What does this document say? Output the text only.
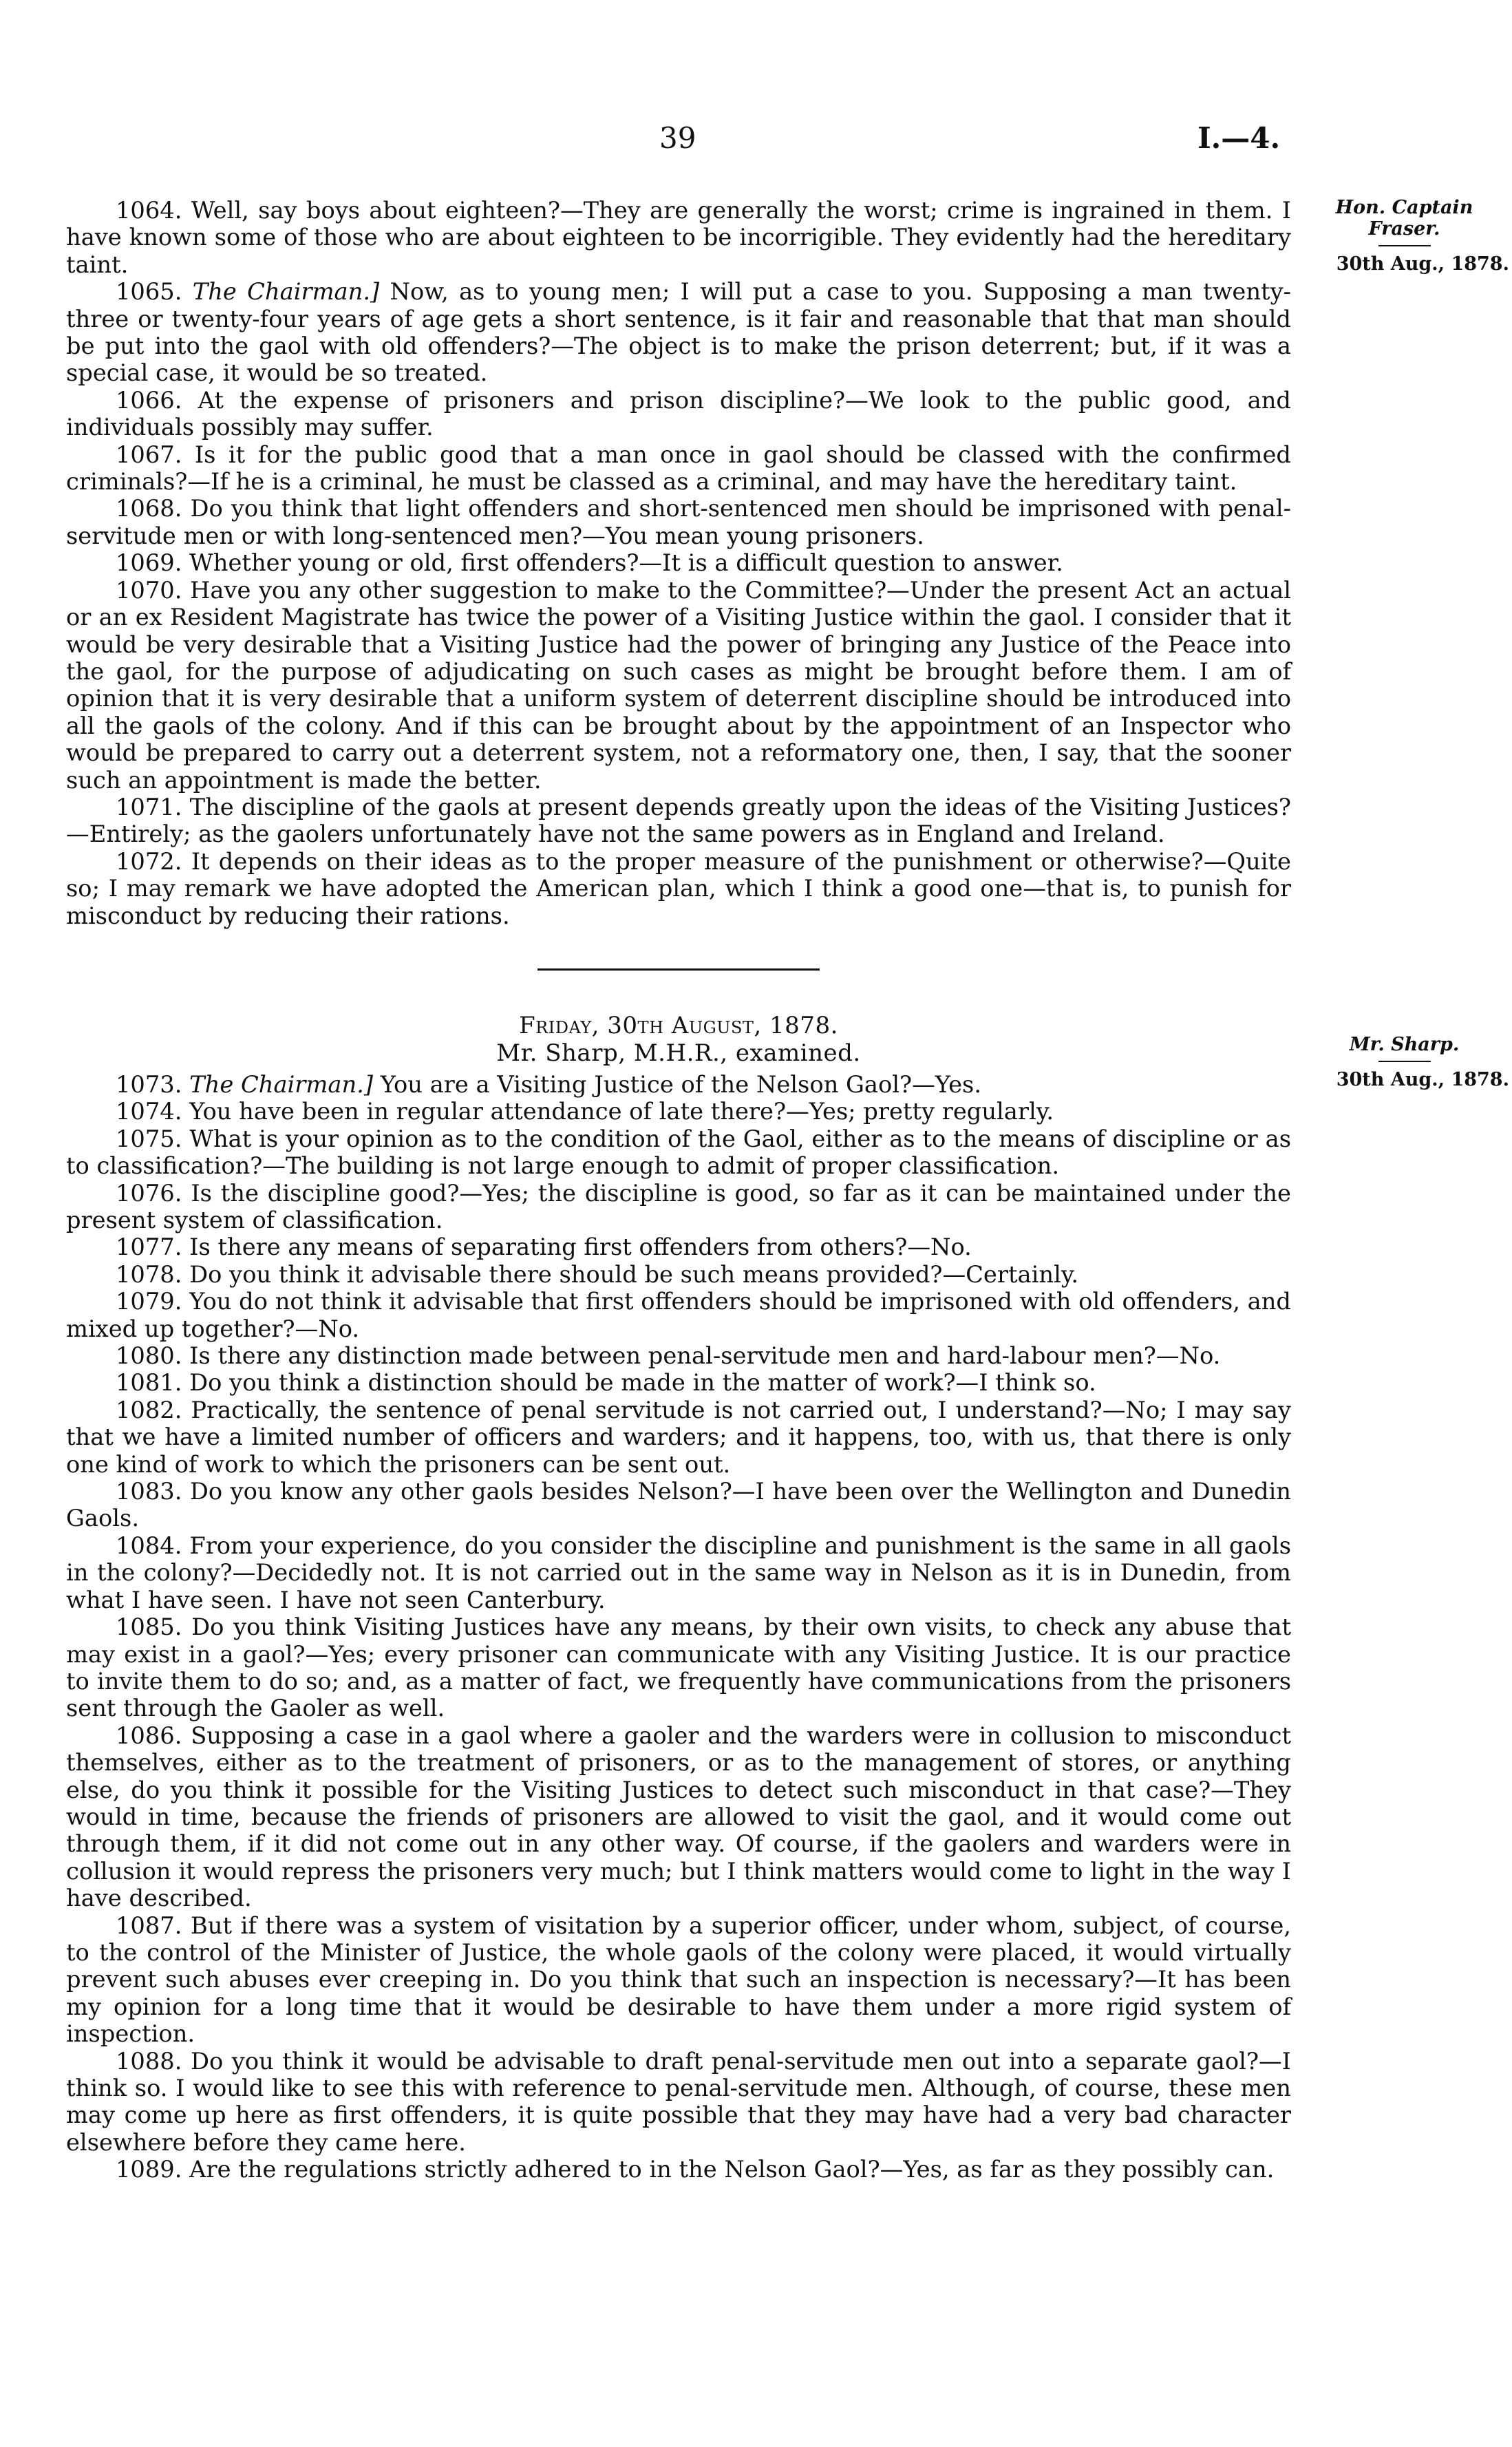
39	I.—4.
Hon. Captain Fraser.
30th Aug., 1878.
Mr. Sharp.
30th Aug., 1878.

1064. Well, say boys about eighteen?—They are generally the worst; crime is ingrained in them. I have known some of those who are about eighteen to be incorrigible. They evidently had the hereditary taint.

1065. The Chairman.] Now, as to young men; I will put a case to you. Supposing a man twenty-three or twenty-four years of age gets a short sentence, is it fair and reasonable that that man should be put into the gaol with old offenders?—The object is to make the prison deterrent; but, if it was a special case, it would be so treated.

1066. At the expense of prisoners and prison discipline?—We look to the public good, and individuals possibly may suffer.

1067. Is it for the public good that a man once in gaol should be classed with the confirmed criminals?—If he is a criminal, he must be classed as a criminal, and may have the hereditary taint.

1068. Do you think that light offenders and short-sentenced men should be imprisoned with penal-servitude men or with long-sentenced men?—You mean young prisoners.

1069. Whether young or old, first offenders?—It is a difficult question to answer.

1070. Have you any other suggestion to make to the Committee?—Under the present Act an actual or an ex Resident Magistrate has twice the power of a Visiting Justice within the gaol. I consider that it would be very desirable that a Visiting Justice had the power of bringing any Justice of the Peace into the gaol, for the purpose of adjudicating on such cases as might be brought before them. I am of opinion that it is very desirable that a uniform system of deterrent discipline should be introduced into all the gaols of the colony. And if this can be brought about by the appointment of an Inspector who would be prepared to carry out a deterrent system, not a reformatory one, then, I say, that the sooner such an appointment is made the better.

1071. The discipline of the gaols at present depends greatly upon the ideas of the Visiting Justices?—Entirely; as the gaolers unfortunately have not the same powers as in England and Ireland.

1072. It depends on their ideas as to the proper measure of the punishment or otherwise?—Quite so; I may remark we have adopted the American plan, which I think a good one—that is, to punish for misconduct by reducing their rations.

Friday, 30th August, 1878.

Mr. Sharp, M.H.R., examined.

1073. The Chairman.] You are a Visiting Justice of the Nelson Gaol?—Yes.

1074. You have been in regular attendance of late there?—Yes; pretty regularly.

1075. What is your opinion as to the condition of the Gaol, either as to the means of discipline or as to classification?—The building is not large enough to admit of proper classification.

1076. Is the discipline good?—Yes; the discipline is good, so far as it can be maintained under the present system of classification.

1077. Is there any means of separating first offenders from others?—No.

1078. Do you think it advisable there should be such means provided?—Certainly.

1079. You do not think it advisable that first offenders should be imprisoned with old offenders, and mixed up together?—No.

1080. Is there any distinction made between penal-servitude men and hard-labour men?—No.

1081. Do you think a distinction should be made in the matter of work?—I think so.

1082. Practically, the sentence of penal servitude is not carried out, I understand?—No; I may say that we have a limited number of officers and warders; and it happens, too, with us, that there is only one kind of work to which the prisoners can be sent out.

1083. Do you know any other gaols besides Nelson?—I have been over the Wellington and Dunedin Gaols.

1084. From your experience, do you consider the discipline and punishment is the same in all gaols in the colony?—Decidedly not. It is not carried out in the same way in Nelson as it is in Dunedin, from what I have seen. I have not seen Canterbury.

1085. Do you think Visiting Justices have any means, by their own visits, to check any abuse that may exist in a gaol?—Yes; every prisoner can communicate with any Visiting Justice. It is our practice to invite them to do so; and, as a matter of fact, we frequently have communications from the prisoners sent through the Gaoler as well.

1086. Supposing a case in a gaol where a gaoler and the warders were in collusion to misconduct themselves, either as to the treatment of prisoners, or as to the management of stores, or anything else, do you think it possible for the Visiting Justices to detect such misconduct in that case?—They would in time, because the friends of prisoners are allowed to visit the gaol, and it would come out through them, if it did not come out in any other way. Of course, if the gaolers and warders were in collusion it would repress the prisoners very much; but I think matters would come to light in the way I have described.

1087. But if there was a system of visitation by a superior officer, under whom, subject, of course, to the control of the Minister of Justice, the whole gaols of the colony were placed, it would virtually prevent such abuses ever creeping in. Do you think that such an inspection is necessary?—It has been my opinion for a long time that it would be desirable to have them under a more rigid system of inspection.

1088. Do you think it would be advisable to draft penal-servitude men out into a separate gaol?—I think so. I would like to see this with reference to penal-servitude men. Although, of course, these men may come up here as first offenders, it is quite possible that they may have had a very bad character elsewhere before they came here.

1089. Are the regulations strictly adhered to in the Nelson Gaol?—Yes, as far as they possibly can.
